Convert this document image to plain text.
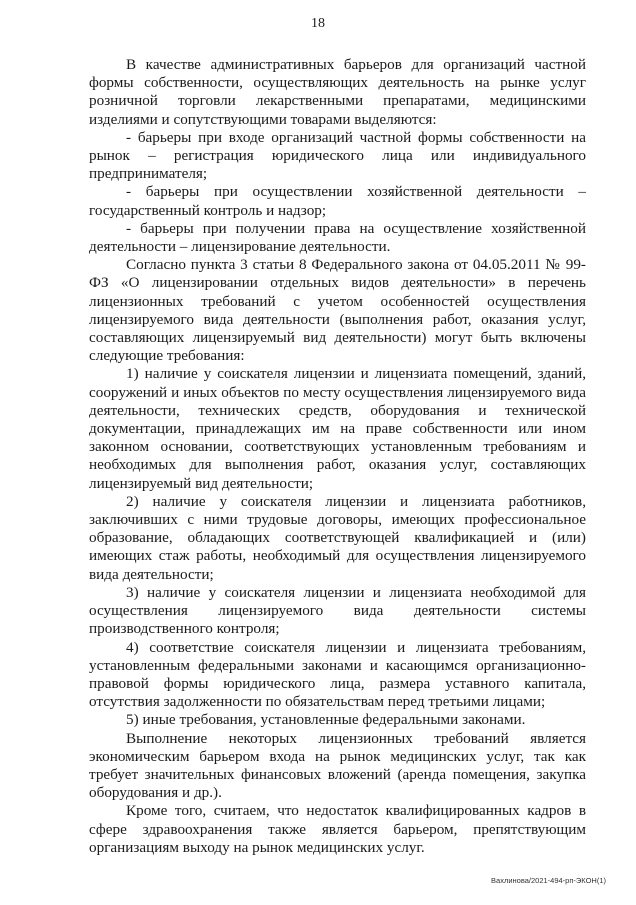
18

В качестве административных барьеров для организаций частной формы собственности, осуществляющих деятельность на рынке услуг розничной торговли лекарственными препаратами, медицинскими изделиями и сопутствующими товарами выделяются:

- барьеры при входе организаций частной формы собственности на рынок – регистрация юридического лица или индивидуального предпринимателя;

- барьеры при осуществлении хозяйственной деятельности – государственный контроль и надзор;

- барьеры при получении права на осуществление хозяйственной деятельности – лицензирование деятельности.

Согласно пункта 3 статьи 8 Федерального закона от 04.05.2011 № 99-ФЗ «О лицензировании отдельных видов деятельности» в перечень лицензионных требований с учетом особенностей осуществления лицензируемого вида деятельности (выполнения работ, оказания услуг, составляющих лицензируемый вид деятельности) могут быть включены следующие требования:

1) наличие у соискателя лицензии и лицензиата помещений, зданий, сооружений и иных объектов по месту осуществления лицензируемого вида деятельности, технических средств, оборудования и технической документации, принадлежащих им на праве собственности или ином законном основании, соответствующих установленным требованиям и необходимых для выполнения работ, оказания услуг, составляющих лицензируемый вид деятельности;

2) наличие у соискателя лицензии и лицензиата работников, заключивших с ними трудовые договоры, имеющих профессиональное образование, обладающих соответствующей квалификацией и (или) имеющих стаж работы, необходимый для осуществления лицензируемого вида деятельности;

3) наличие у соискателя лицензии и лицензиата необходимой для осуществления лицензируемого вида деятельности системы производственного контроля;

4) соответствие соискателя лицензии и лицензиата требованиям, установленным федеральными законами и касающимся организационно-правовой формы юридического лица, размера уставного капитала, отсутствия задолженности по обязательствам перед третьими лицами;

5) иные требования, установленные федеральными законами.

Выполнение некоторых лицензионных требований является экономическим барьером входа на рынок медицинских услуг, так как требует значительных финансовых вложений (аренда помещения, закупка оборудования и др.).

Кроме того, считаем, что недостаток квалифицированных кадров в сфере здравоохранения также является барьером, препятствующим организациям выходу на рынок медицинских услуг.

Вахлинова/2021-494-рп-ЭКОН(1)
